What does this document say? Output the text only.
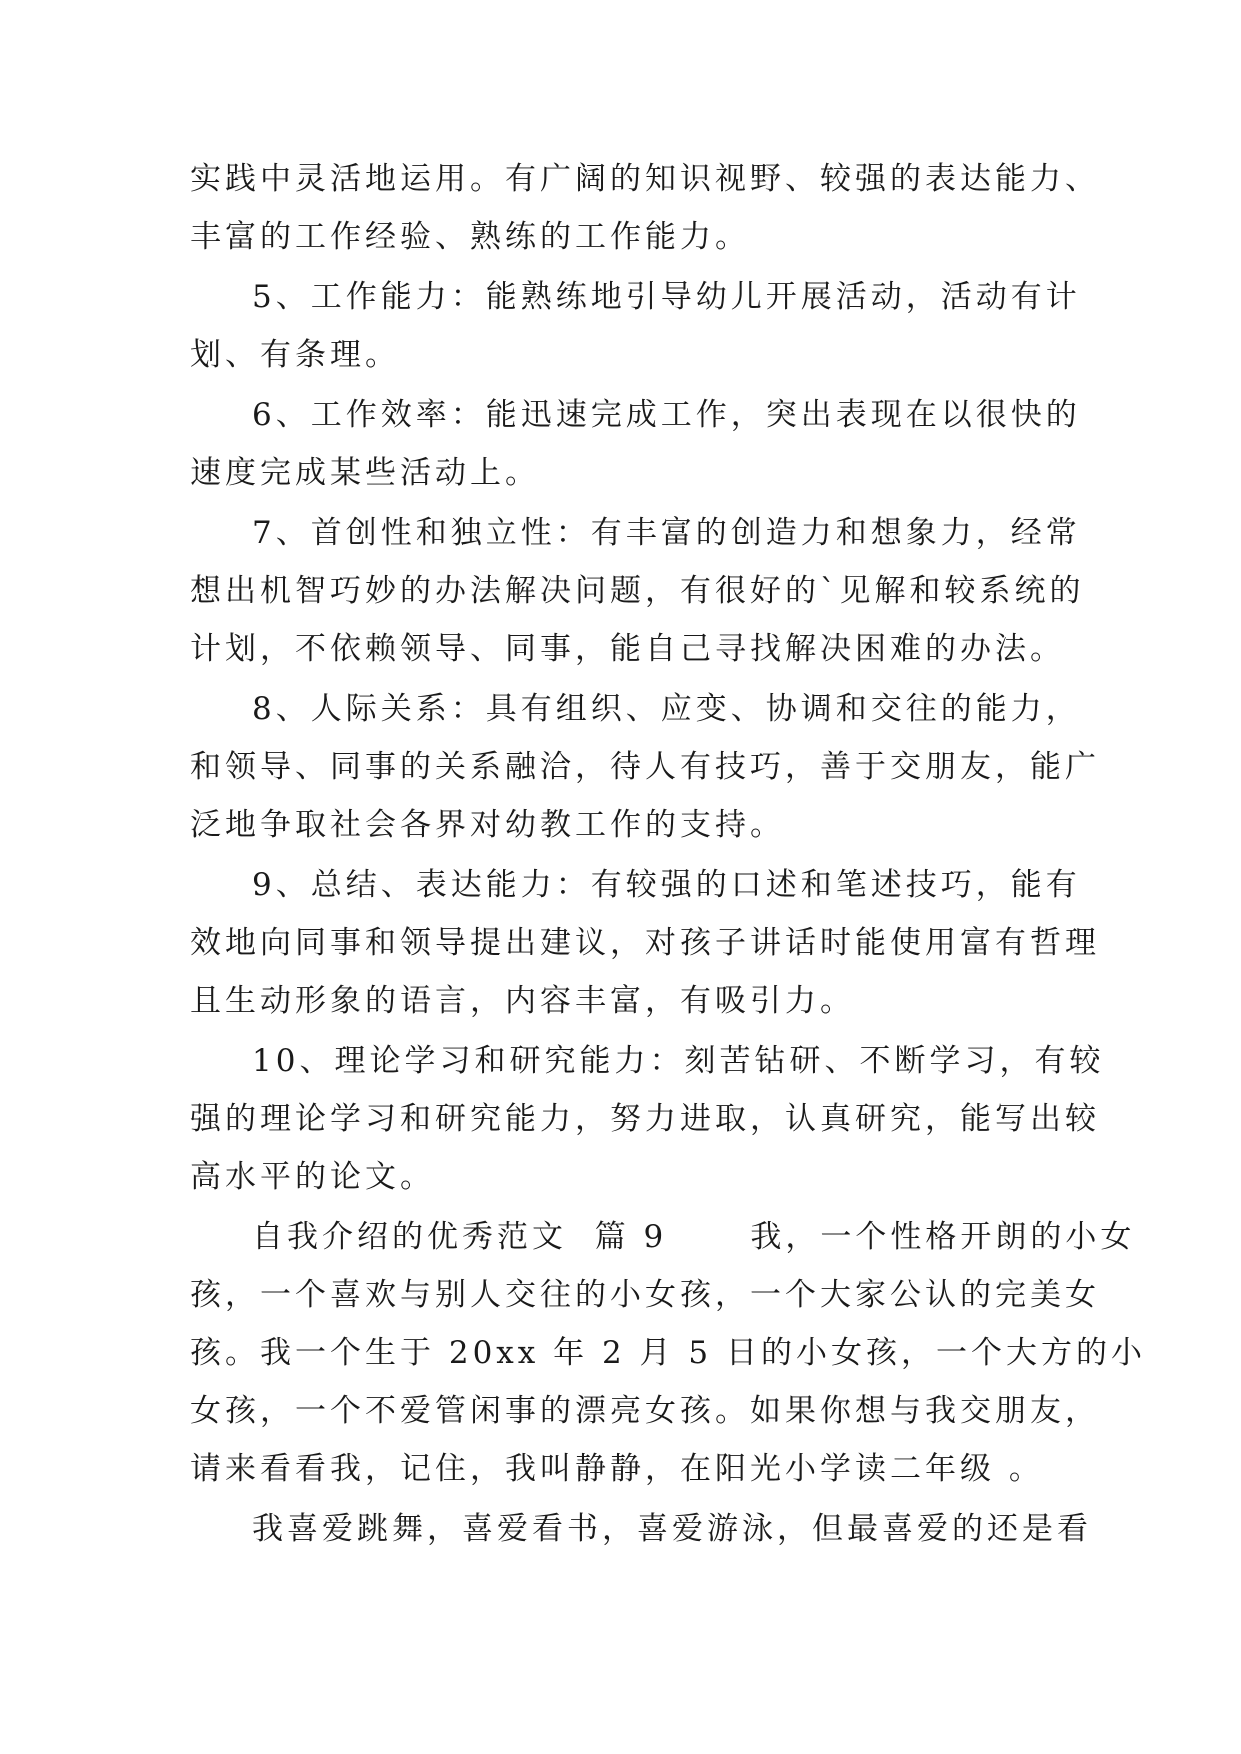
实践中灵活地运用。有广阔的知识视野、较强的表达能力、
丰富的工作经验、熟练的工作能力。
5、工作能力：能熟练地引导幼儿开展活动，活动有计
划、有条理。
6、工作效率：能迅速完成工作，突出表现在以很快的
速度完成某些活动上。
7、首创性和独立性：有丰富的创造力和想象力，经常
想出机智巧妙的办法解决问题，有很好的`见解和较系统的
计划，不依赖领导、同事，能自己寻找解决困难的办法。
8、人际关系：具有组织、应变、协调和交往的能力，
和领导、同事的关系融洽，待人有技巧，善于交朋友，能广
泛地争取社会各界对幼教工作的支持。
9、总结、表达能力：有较强的口述和笔述技巧，能有
效地向同事和领导提出建议，对孩子讲话时能使用富有哲理
且生动形象的语言，内容丰富，有吸引力。
10、理论学习和研究能力：刻苦钻研、不断学习，有较
强的理论学习和研究能力，努力进取，认真研究，能写出较
高水平的论文。
自我介绍的优秀范文  篇 9      我，一个性格开朗的小女
孩，一个喜欢与别人交往的小女孩，一个大家公认的完美女
孩。我一个生于 20xx 年 2 月 5 日的小女孩，一个大方的小
女孩，一个不爱管闲事的漂亮女孩。如果你想与我交朋友，
请来看看我，记住，我叫静静，在阳光小学读二年级 。
我喜爱跳舞，喜爱看书，喜爱游泳，但最喜爱的还是看
